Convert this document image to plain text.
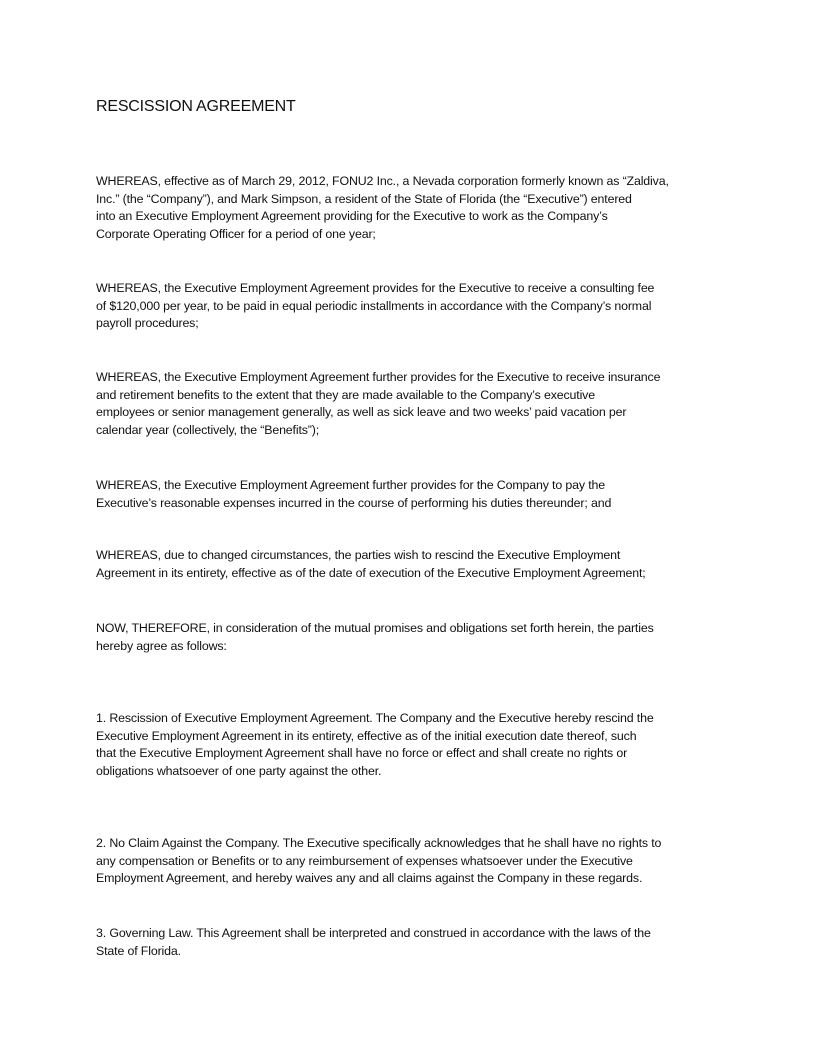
RESCISSION AGREEMENT

WHEREAS, effective as of March 29, 2012, FONU2 Inc., a Nevada corporation formerly known as “Zaldiva,
Inc.” (the “Company”), and Mark Simpson, a resident of the State of Florida (the “Executive”) entered
into an Executive Employment Agreement providing for the Executive to work as the Company’s
Corporate Operating Officer for a period of one year;

WHEREAS, the Executive Employment Agreement provides for the Executive to receive a consulting fee
of $120,000 per year, to be paid in equal periodic installments in accordance with the Company’s normal
payroll procedures;

WHEREAS, the Executive Employment Agreement further provides for the Executive to receive insurance
and retirement benefits to the extent that they are made available to the Company’s executive
employees or senior management generally, as well as sick leave and two weeks’ paid vacation per
calendar year (collectively, the “Benefits”);

WHEREAS, the Executive Employment Agreement further provides for the Company to pay the
Executive’s reasonable expenses incurred in the course of performing his duties thereunder; and

WHEREAS, due to changed circumstances, the parties wish to rescind the Executive Employment
Agreement in its entirety, effective as of the date of execution of the Executive Employment Agreement;

NOW, THEREFORE, in consideration of the mutual promises and obligations set forth herein, the parties
hereby agree as follows:

1. Rescission of Executive Employment Agreement. The Company and the Executive hereby rescind the
Executive Employment Agreement in its entirety, effective as of the initial execution date thereof, such
that the Executive Employment Agreement shall have no force or effect and shall create no rights or
obligations whatsoever of one party against the other.

2. No Claim Against the Company. The Executive specifically acknowledges that he shall have no rights to
any compensation or Benefits or to any reimbursement of expenses whatsoever under the Executive
Employment Agreement, and hereby waives any and all claims against the Company in these regards.

3. Governing Law. This Agreement shall be interpreted and construed in accordance with the laws of the
State of Florida.
